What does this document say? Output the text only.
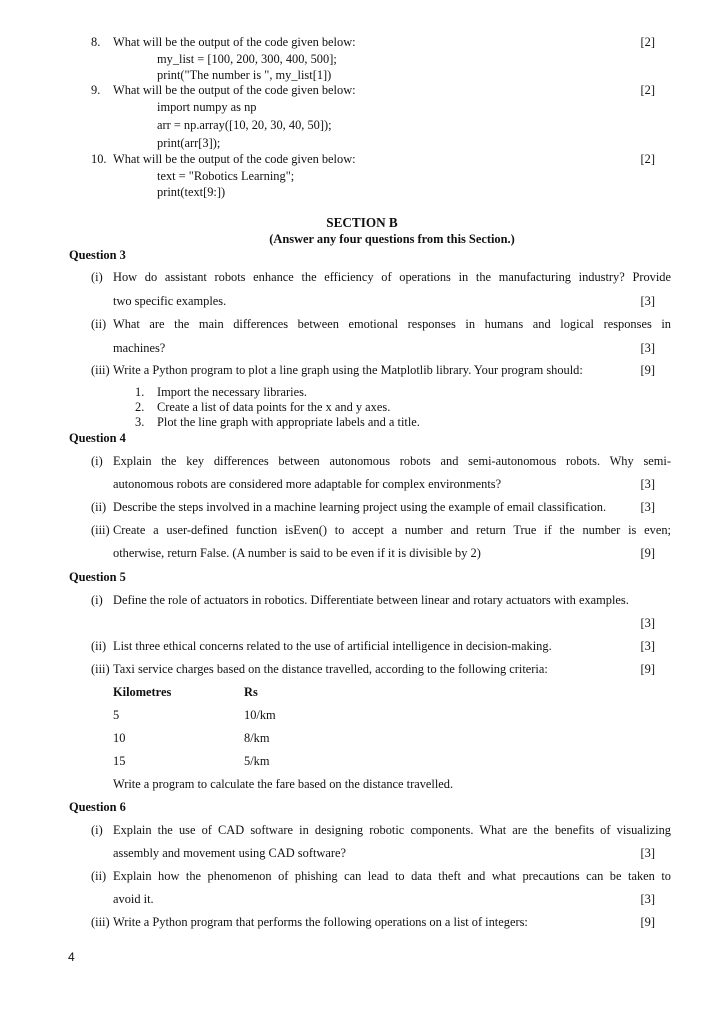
8. What will be the output of the code given below:	[2]
my_list = [100, 200, 300, 400, 500];
print("The number is ", my_list[1])
9. What will be the output of the code given below:	[2]
import numpy as np
arr = np.array([10, 20, 30, 40, 50]);
print(arr[3]);
10. What will be the output of the code given below:	[2]
text = "Robotics Learning";
print(text[9:])
SECTION B
(Answer any four questions from this Section.)
Question 3
(i) How do assistant robots enhance the efficiency of operations in the manufacturing industry? Provide
two specific examples.	[3]
(ii) What are the main differences between emotional responses in humans and logical responses in
machines?	[3]
(iii) Write a Python program to plot a line graph using the Matplotlib library. Your program should:	[9]
1. Import the necessary libraries.
2. Create a list of data points for the x and y axes.
3. Plot the line graph with appropriate labels and a title.
Question 4
(i) Explain the key differences between autonomous robots and semi-autonomous robots. Why semi-
autonomous robots are considered more adaptable for complex environments?	[3]
(ii) Describe the steps involved in a machine learning project using the example of email classification.	[3]
(iii) Create a user-defined function isEven() to accept a number and return True if the number is even;
otherwise, return False. (A number is said to be even if it is divisible by 2)	[9]
Question 5
(i) Define the role of actuators in robotics. Differentiate between linear and rotary actuators with examples.
[3]
(ii) List three ethical concerns related to the use of artificial intelligence in decision-making.	[3]
(iii) Taxi service charges based on the distance travelled, according to the following criteria:	[9]
Kilometres	Rs
5	10/km
10	8/km
15	5/km
Write a program to calculate the fare based on the distance travelled.
Question 6
(i) Explain the use of CAD software in designing robotic components. What are the benefits of visualizing
assembly and movement using CAD software?	[3]
(ii) Explain how the phenomenon of phishing can lead to data theft and what precautions can be taken to
avoid it.	[3]
(iii) Write a Python program that performs the following operations on a list of integers:	[9]
4
